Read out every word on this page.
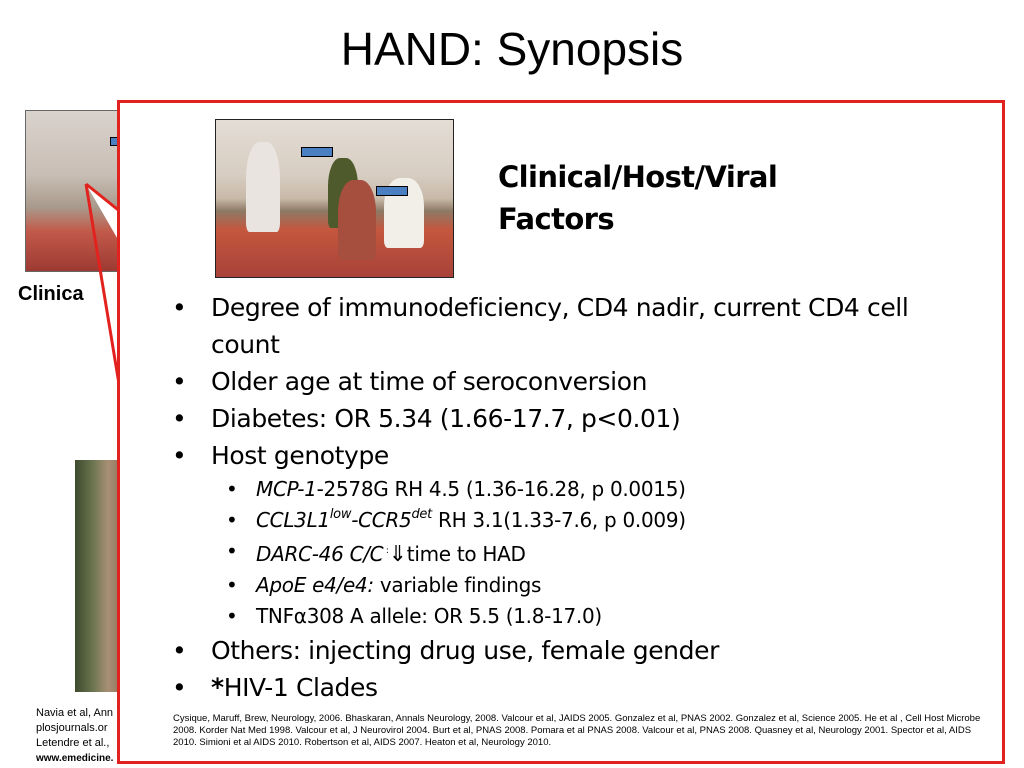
HAND: Synopsis
Clinica
Navia et al, Ann
plosjournals.or
Letendre et al.,
www.emedicine.
Clinical/Host/Viral
Factors
• Degree of immunodeficiency, CD4 nadir, current CD4 cell count
• Older age at time of seroconversion
• Diabetes: OR 5.34 (1.66-17.7, p<0.01)
• Host genotype
• MCP-1-2578G RH 4.5 (1.36-16.28, p 0.0015)
• $CCL3L1^{low}-CCR5^{det}$ RH 3.1(1.33-7.6, p 0.009)
• DARC-46 C/C :⇓time to HAD
• ApoE e4/e4: variable findings
• TNFα308 A allele: OR 5.5 (1.8-17.0)
• Others: injecting drug use, female gender
• *HIV-1 Clades
Cysique, Maruff, Brew, Neurology, 2006. Bhaskaran, Annals Neurology, 2008. Valcour et al, JAIDS 2005. Gonzalez et al, PNAS 2002. Gonzalez et al, Science 2005. He et al , Cell Host Microbe 2008. Korder Nat Med 1998. Valcour et al, J Neurovirol 2004. Burt et al, PNAS 2008. Pomara et al PNAS 2008. Valcour et al, PNAS 2008. Quasney et al, Neurology 2001. Spector et al, AIDS 2010. Simioni et al AIDS 2010. Robertson et al, AIDS 2007. Heaton et al, Neurology 2010.
